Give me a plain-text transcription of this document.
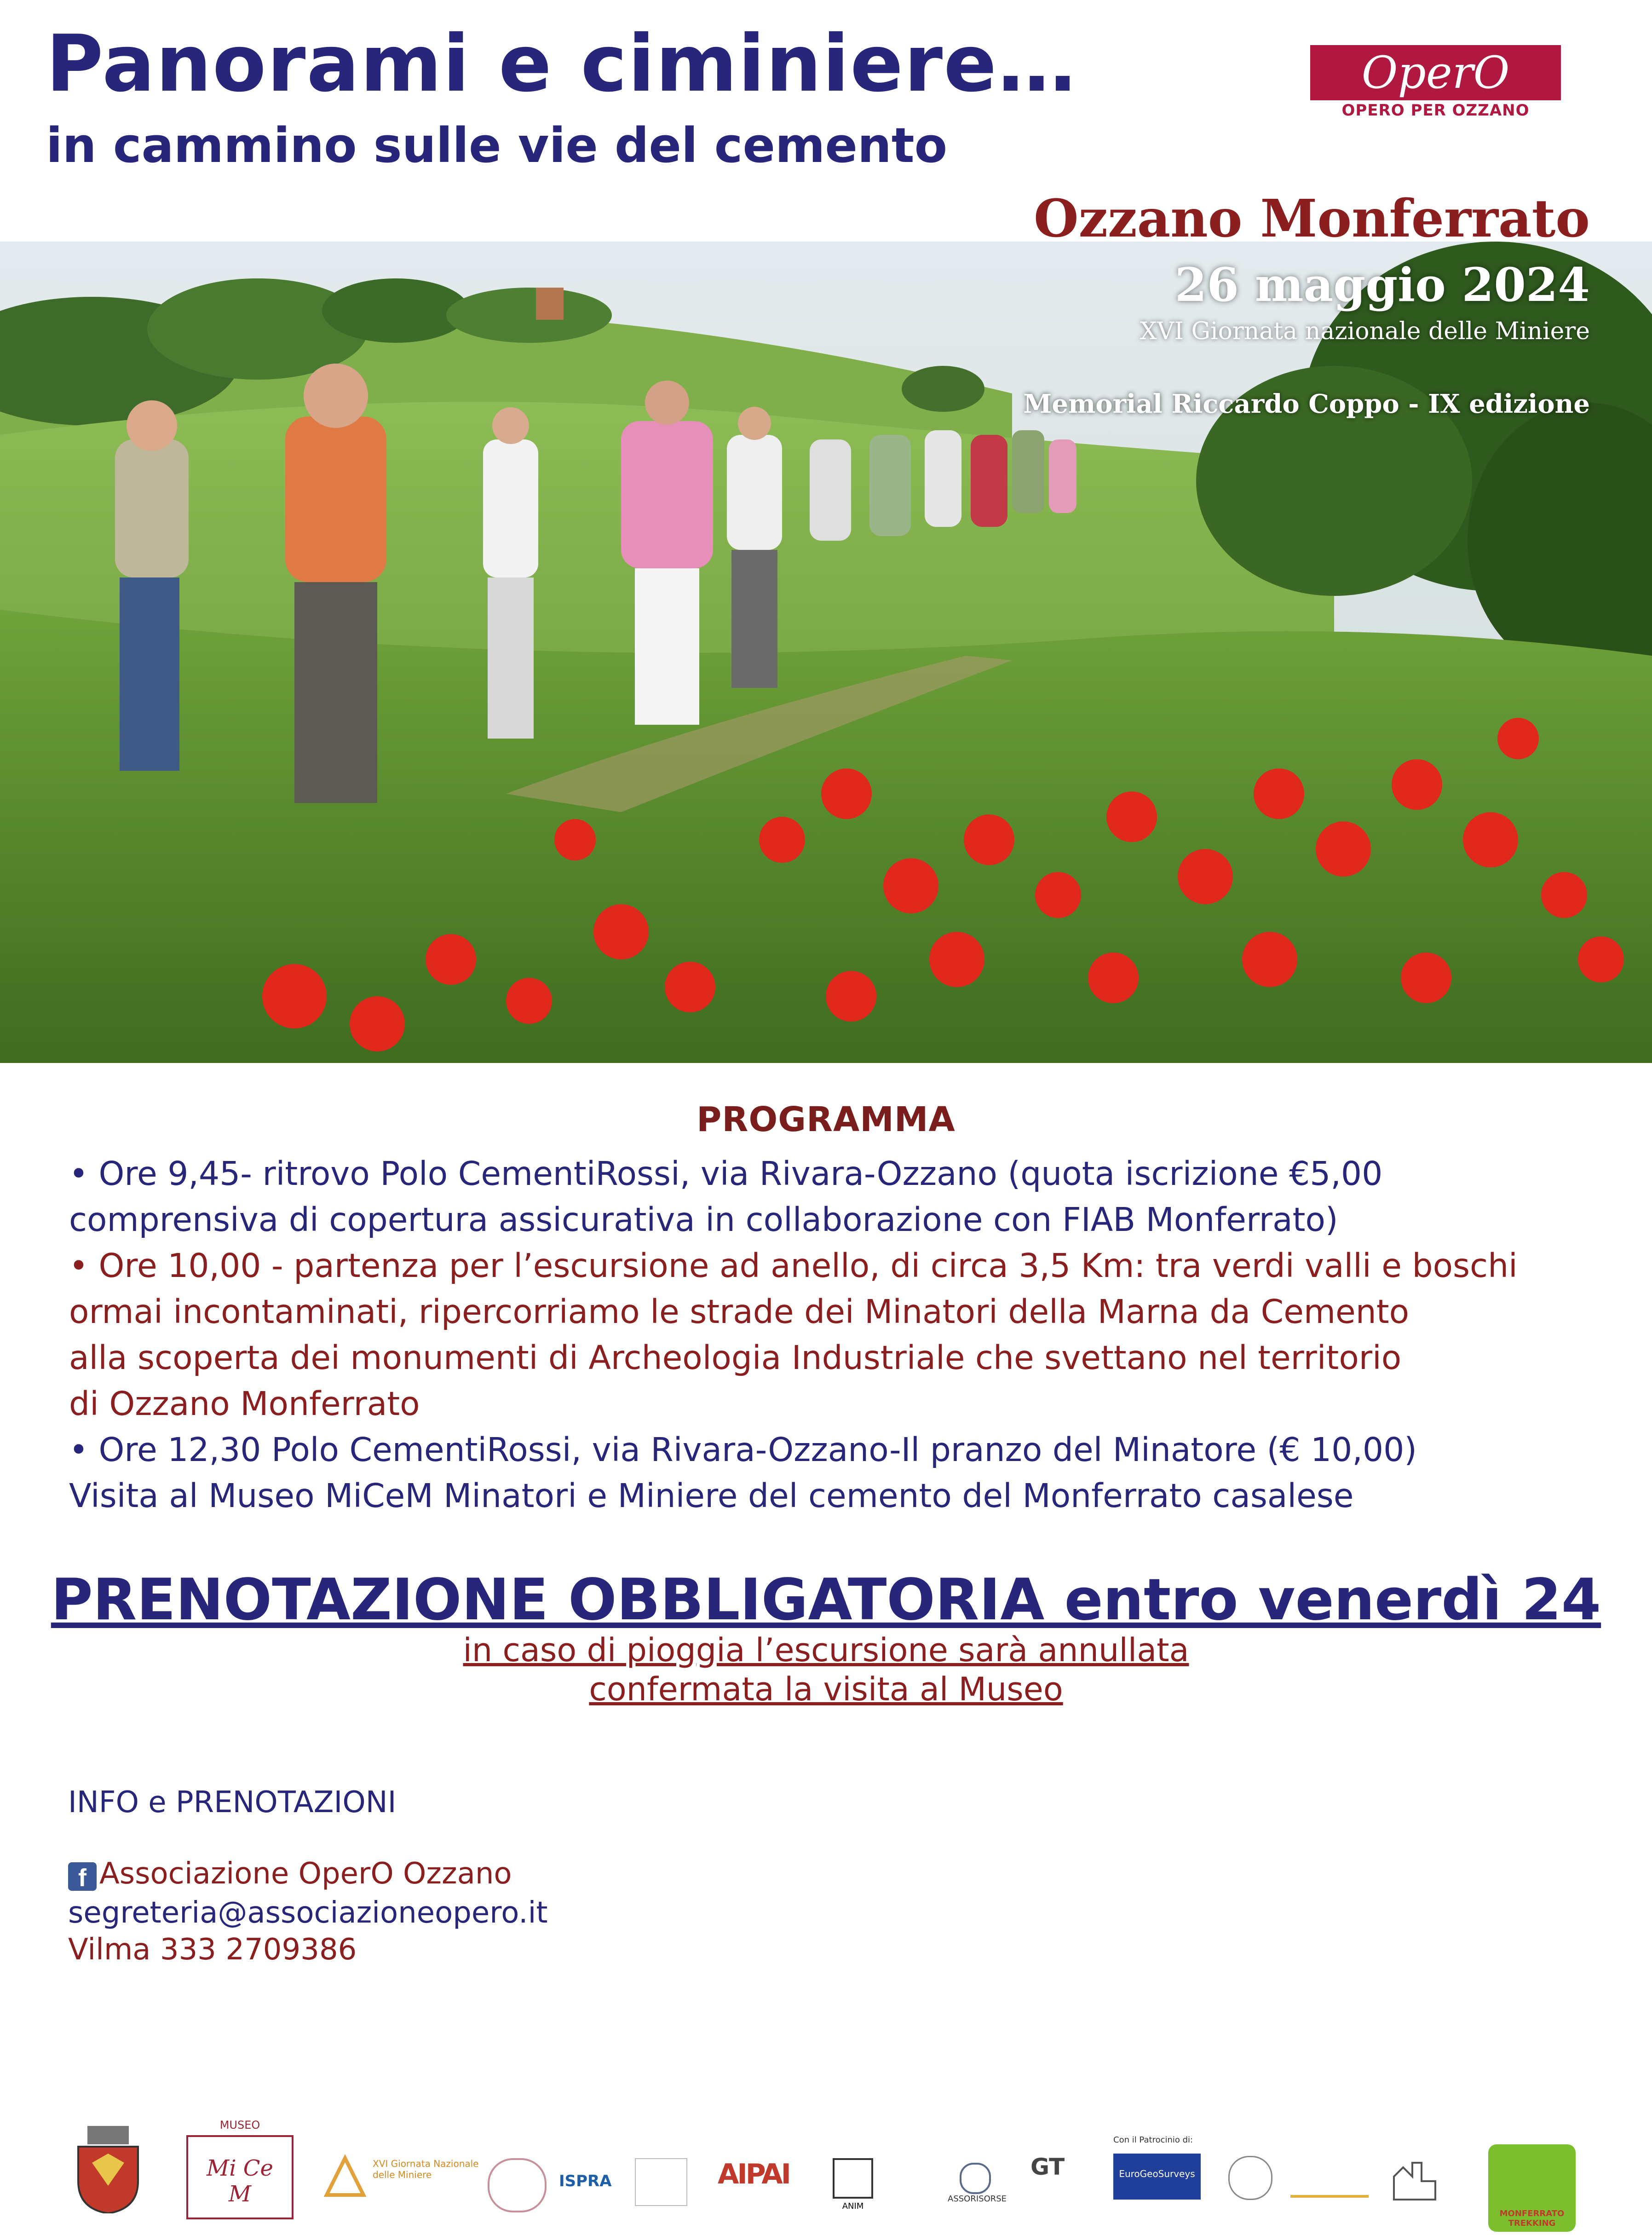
Panorami e ciminiere…
in cammino sulle vie del cemento
OperO
OPERO PER OZZANO
Ozzano Monferrato
26 maggio 2024
XVI Giornata nazionale delle Miniere
Memorial Riccardo Coppo - IX edizione
PROGRAMMA
• Ore 9,45- ritrovo Polo CementiRossi, via Rivara-Ozzano (quota iscrizione €5,00
comprensiva di copertura assicurativa in collaborazione con FIAB Monferrato)
• Ore 10,00 - partenza per l’escursione ad anello, di circa 3,5 Km: tra verdi valli e boschi
ormai incontaminati, ripercorriamo le strade dei Minatori della Marna da Cemento
alla scoperta dei monumenti di Archeologia Industriale che svettano nel territorio
di Ozzano Monferrato
• Ore 12,30 Polo CementiRossi, via Rivara-Ozzano-Il pranzo del Minatore (€ 10,00)
Visita al Museo MiCeM Minatori e Miniere del cemento del Monferrato casalese
PRENOTAZIONE OBBLIGATORIA entro venerdì 24
in caso di pioggia l’escursione sarà annullata
confermata la visita al Museo
INFO e PRENOTAZIONI
f Associazione OperO Ozzano
segreteria@associazioneopero.it
Vilma 333 2709386
MUSEO
Mi Ce M
XVI Giornata Nazionale delle Miniere	ISPRA	AIPAI
ANIM
ASSORISORSE
GT
Con il Patrocinio di:
EuroGeoSurveys
MONFERRATO TREKKING
